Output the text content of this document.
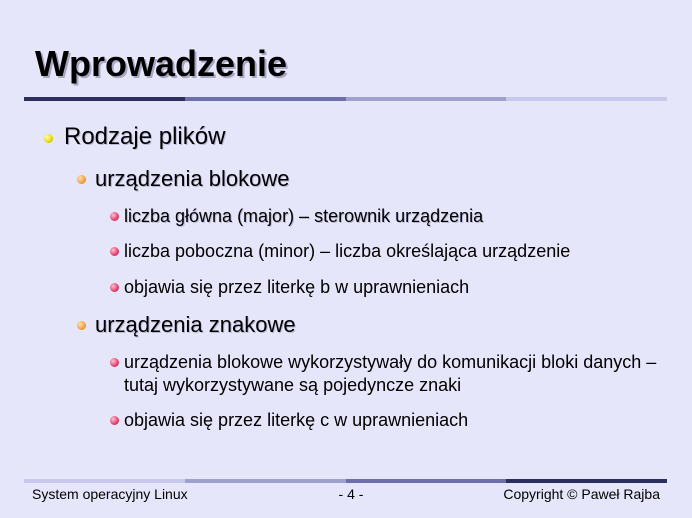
Wprowadzenie
Rodzaje plików
urządzenia blokowe
liczba główna (major) – sterownik urządzenia
liczba poboczna (minor) – liczba określająca urządzenie
objawia się przez literkę b w uprawnieniach
urządzenia znakowe
urządzenia blokowe wykorzystywały do komunikacji bloki danych – tutaj wykorzystywane są pojedyncze znaki
objawia się przez literkę c w uprawnieniach
System operacyjny Linux	- 4 -	Copyright © Paweł Rajba
